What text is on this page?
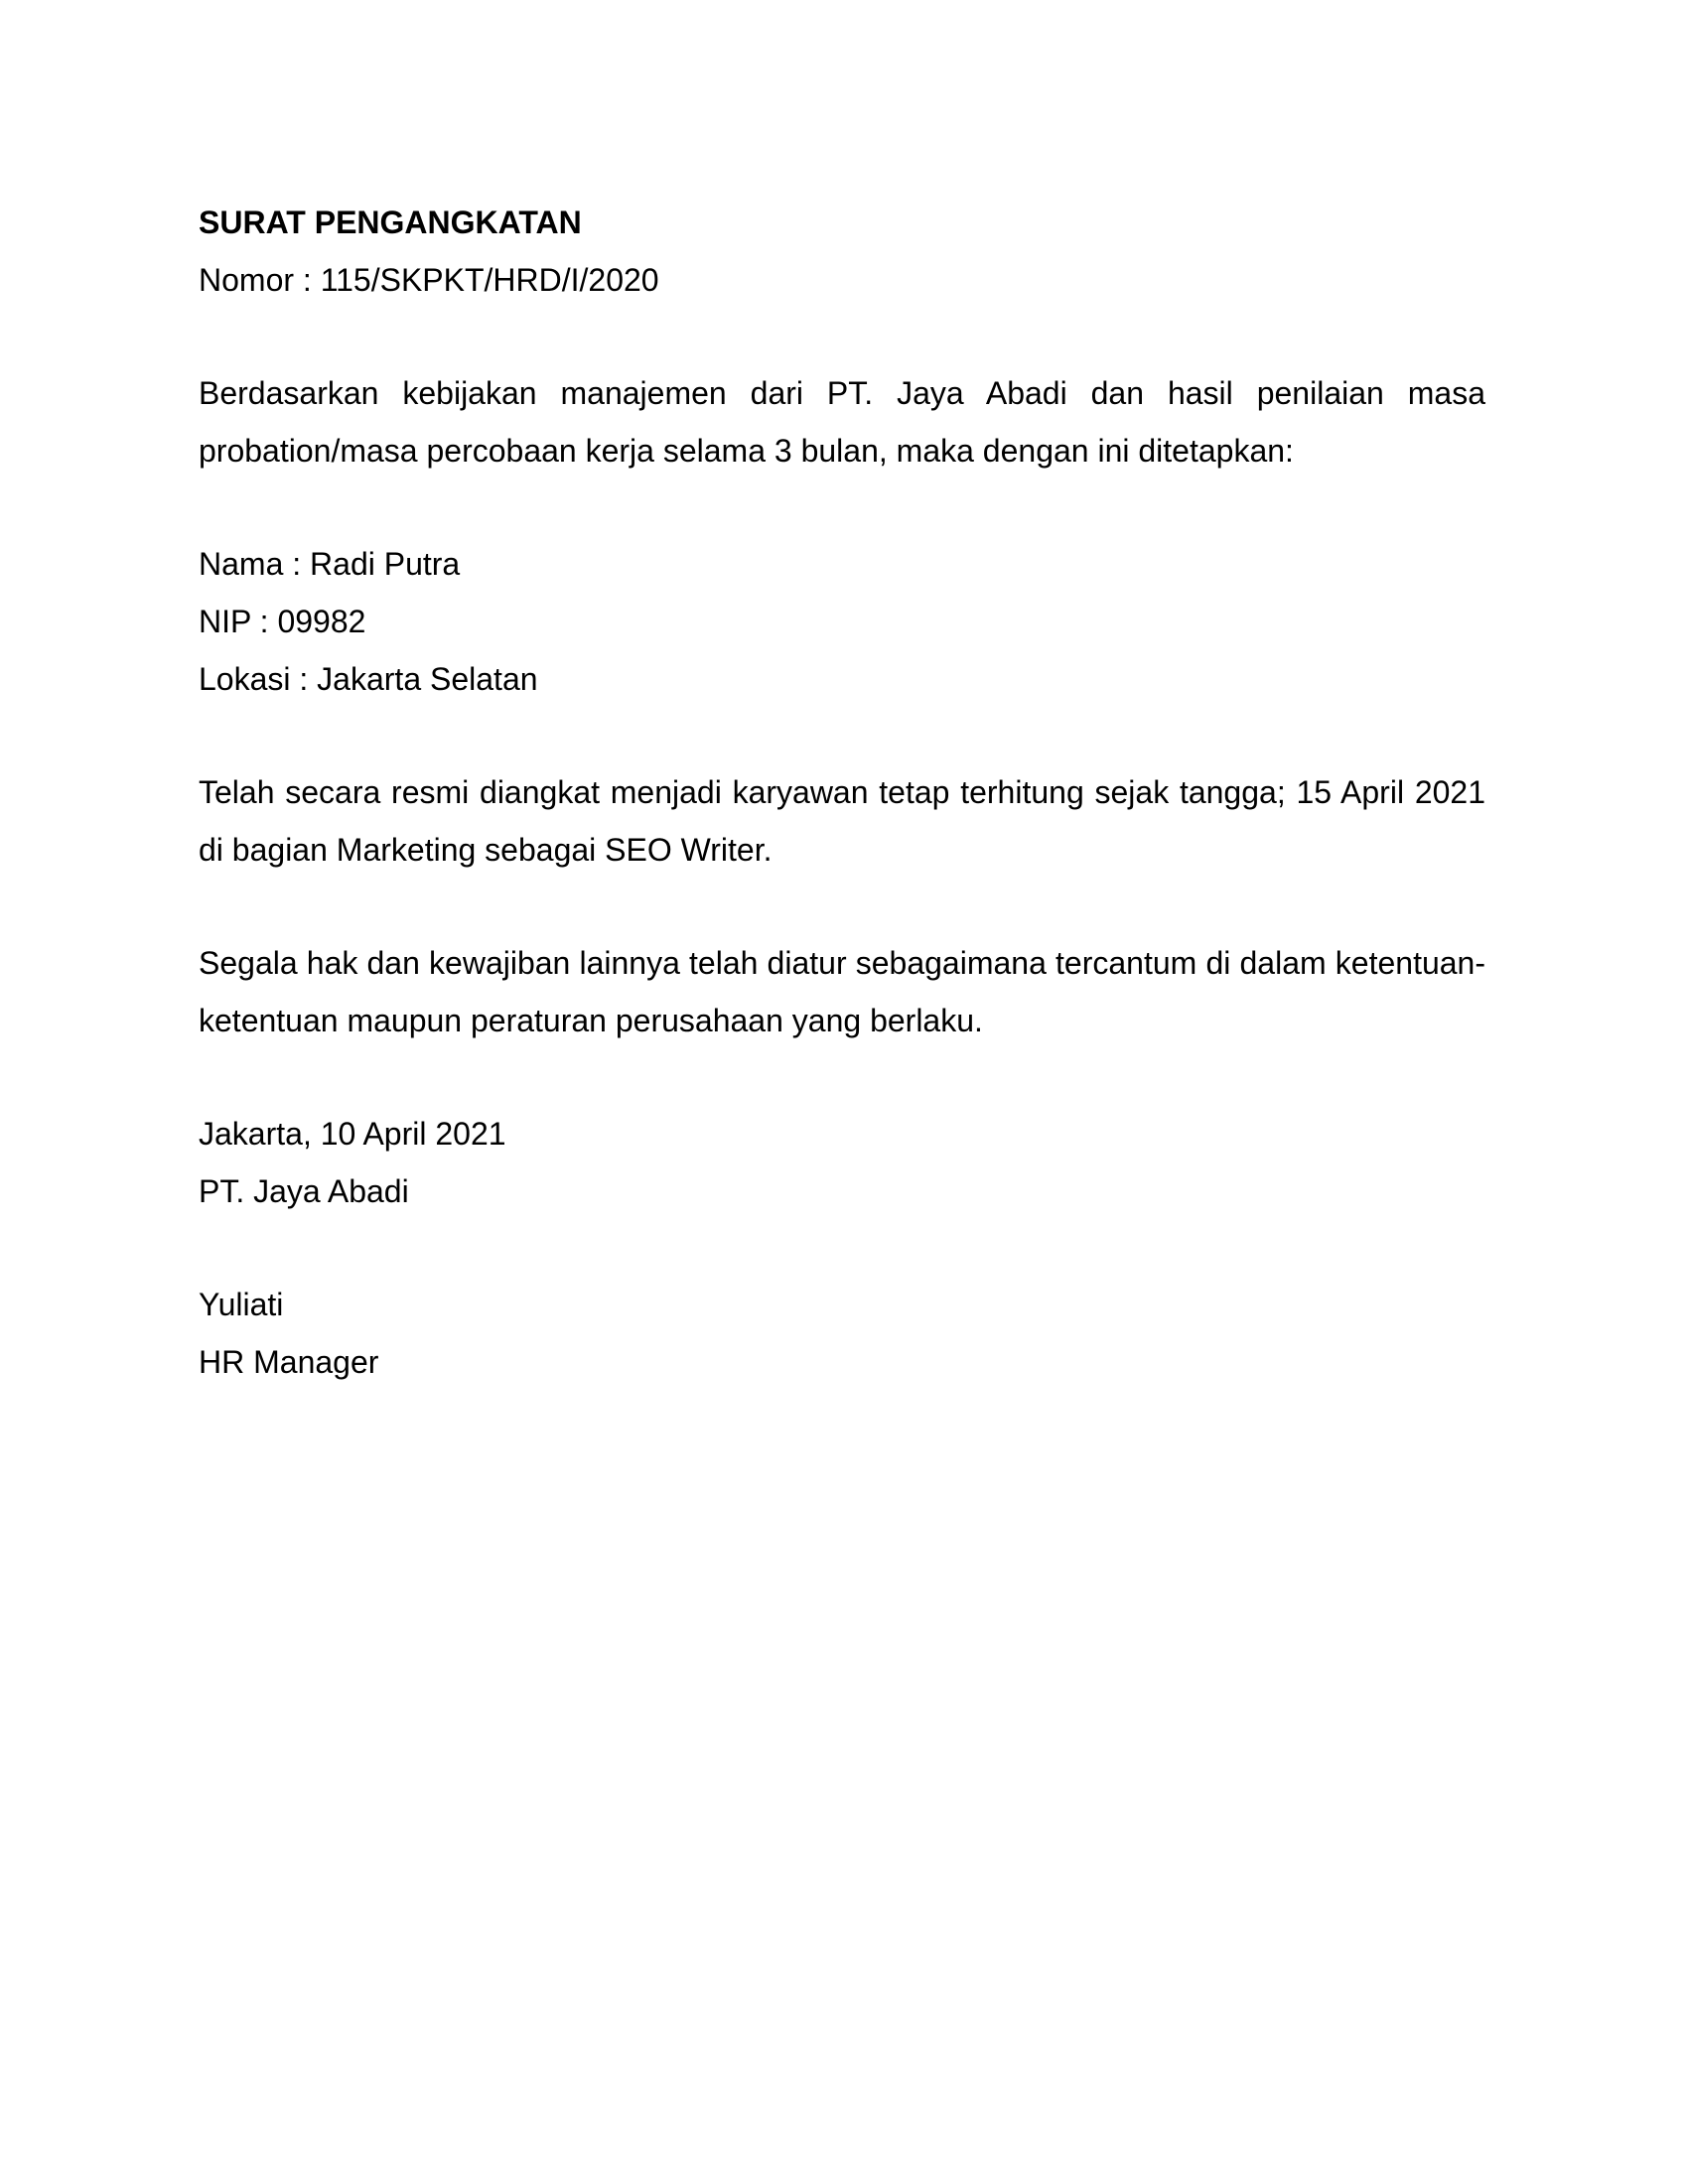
SURAT PENGANGKATAN

Nomor : 115/SKPKT/HRD/I/2020

Berdasarkan kebijakan manajemen dari PT. Jaya Abadi dan hasil penilaian masa probation/masa percobaan kerja selama 3 bulan, maka dengan ini ditetapkan:

Nama : Radi Putra

NIP : 09982

Lokasi : Jakarta Selatan

Telah secara resmi diangkat menjadi karyawan tetap terhitung sejak tangga; 15 April 2021 di bagian Marketing sebagai SEO Writer.

Segala hak dan kewajiban lainnya telah diatur sebagaimana tercantum di dalam ketentuan-ketentuan maupun peraturan perusahaan yang berlaku.

Jakarta, 10 April 2021

PT. Jaya Abadi

Yuliati

HR Manager
